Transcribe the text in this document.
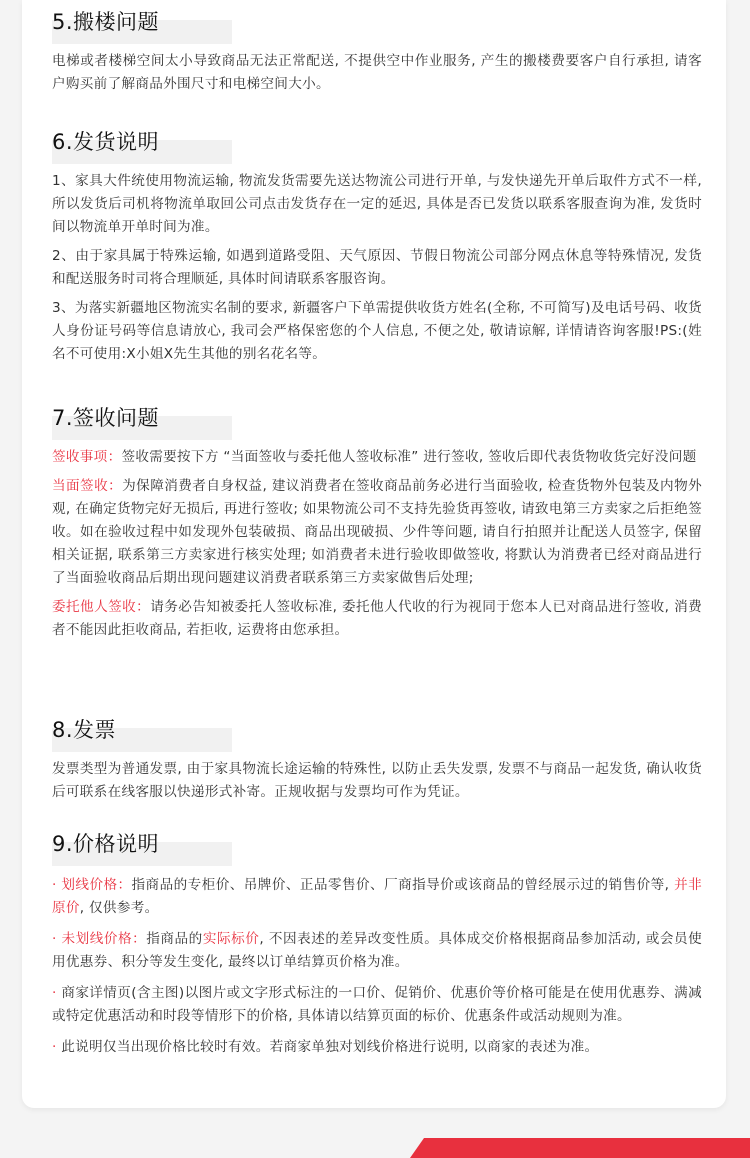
5.搬楼问题

电梯或者楼梯空间太小导致商品无法正常配送, 不提供空中作业服务, 产生的搬楼费要客户自行承担, 请客户购买前了解商品外围尺寸和电梯空间大小。

6.发货说明

1、家具大件统使用物流运输, 物流发货需要先送达物流公司进行开单, 与发快递先开单后取件方式不一样, 所以发货后司机将物流单取回公司点击发货存在一定的延迟, 具体是否已发货以联系客服查询为准, 发货时间以物流单开单时间为准。

2、由于家具属于特殊运输, 如遇到道路受阻、天气原因、节假日物流公司部分网点休息等特殊情况, 发货和配送服务时司将合理顺延, 具体时间请联系客服咨询。

3、为落实新疆地区物流实名制的要求, 新疆客户下单需提供收货方姓名(全称, 不可简写)及电话号码、收货人身份证号码等信息请放心, 我司会严格保密您的个人信息, 不便之处, 敬请谅解, 详情请咨询客服!PS:(姓名不可使用:X小姐X先生其他的别名花名等。

7.签收问题

签收事项：签收需要按下方 “当面签收与委托他人签收标准” 进行签收, 签收后即代表货物收货完好没问题

当面签收：为保障消费者自身权益, 建议消费者在签收商品前务必进行当面验收, 检查货物外包装及内物外观, 在确定货物完好无损后, 再进行签收; 如果物流公司不支持先验货再签收, 请致电第三方卖家之后拒绝签收。如在验收过程中如发现外包装破损、商品出现破损、少件等问题, 请自行拍照并让配送人员签字, 保留相关证据, 联系第三方卖家进行核实处理; 如消费者未进行验收即做签收, 将默认为消费者已经对商品进行了当面验收商品后期出现问题建议消费者联系第三方卖家做售后处理;

委托他人签收：请务必告知被委托人签收标准, 委托他人代收的行为视同于您本人已对商品进行签收, 消费者不能因此拒收商品, 若拒收, 运费将由您承担。

8.发票

发票类型为普通发票, 由于家具物流长途运输的特殊性, 以防止丢失发票, 发票不与商品一起发货, 确认收货后可联系在线客服以快递形式补寄。正规收据与发票均可作为凭证。

9.价格说明

· 划线价格：指商品的专柜价、吊牌价、正品零售价、厂商指导价或该商品的曾经展示过的销售价等, 并非原价, 仅供参考。

· 未划线价格：指商品的实际标价, 不因表述的差异改变性质。具体成交价格根据商品参加活动, 或会员使用优惠券、积分等发生变化, 最终以订单结算页价格为准。

· 商家详情页(含主图)以图片或文字形式标注的一口价、促销价、优惠价等价格可能是在使用优惠券、满减或特定优惠活动和时段等情形下的价格, 具体请以结算页面的标价、优惠条件或活动规则为准。

· 此说明仅当出现价格比较时有效。若商家单独对划线价格进行说明, 以商家的表述为准。
